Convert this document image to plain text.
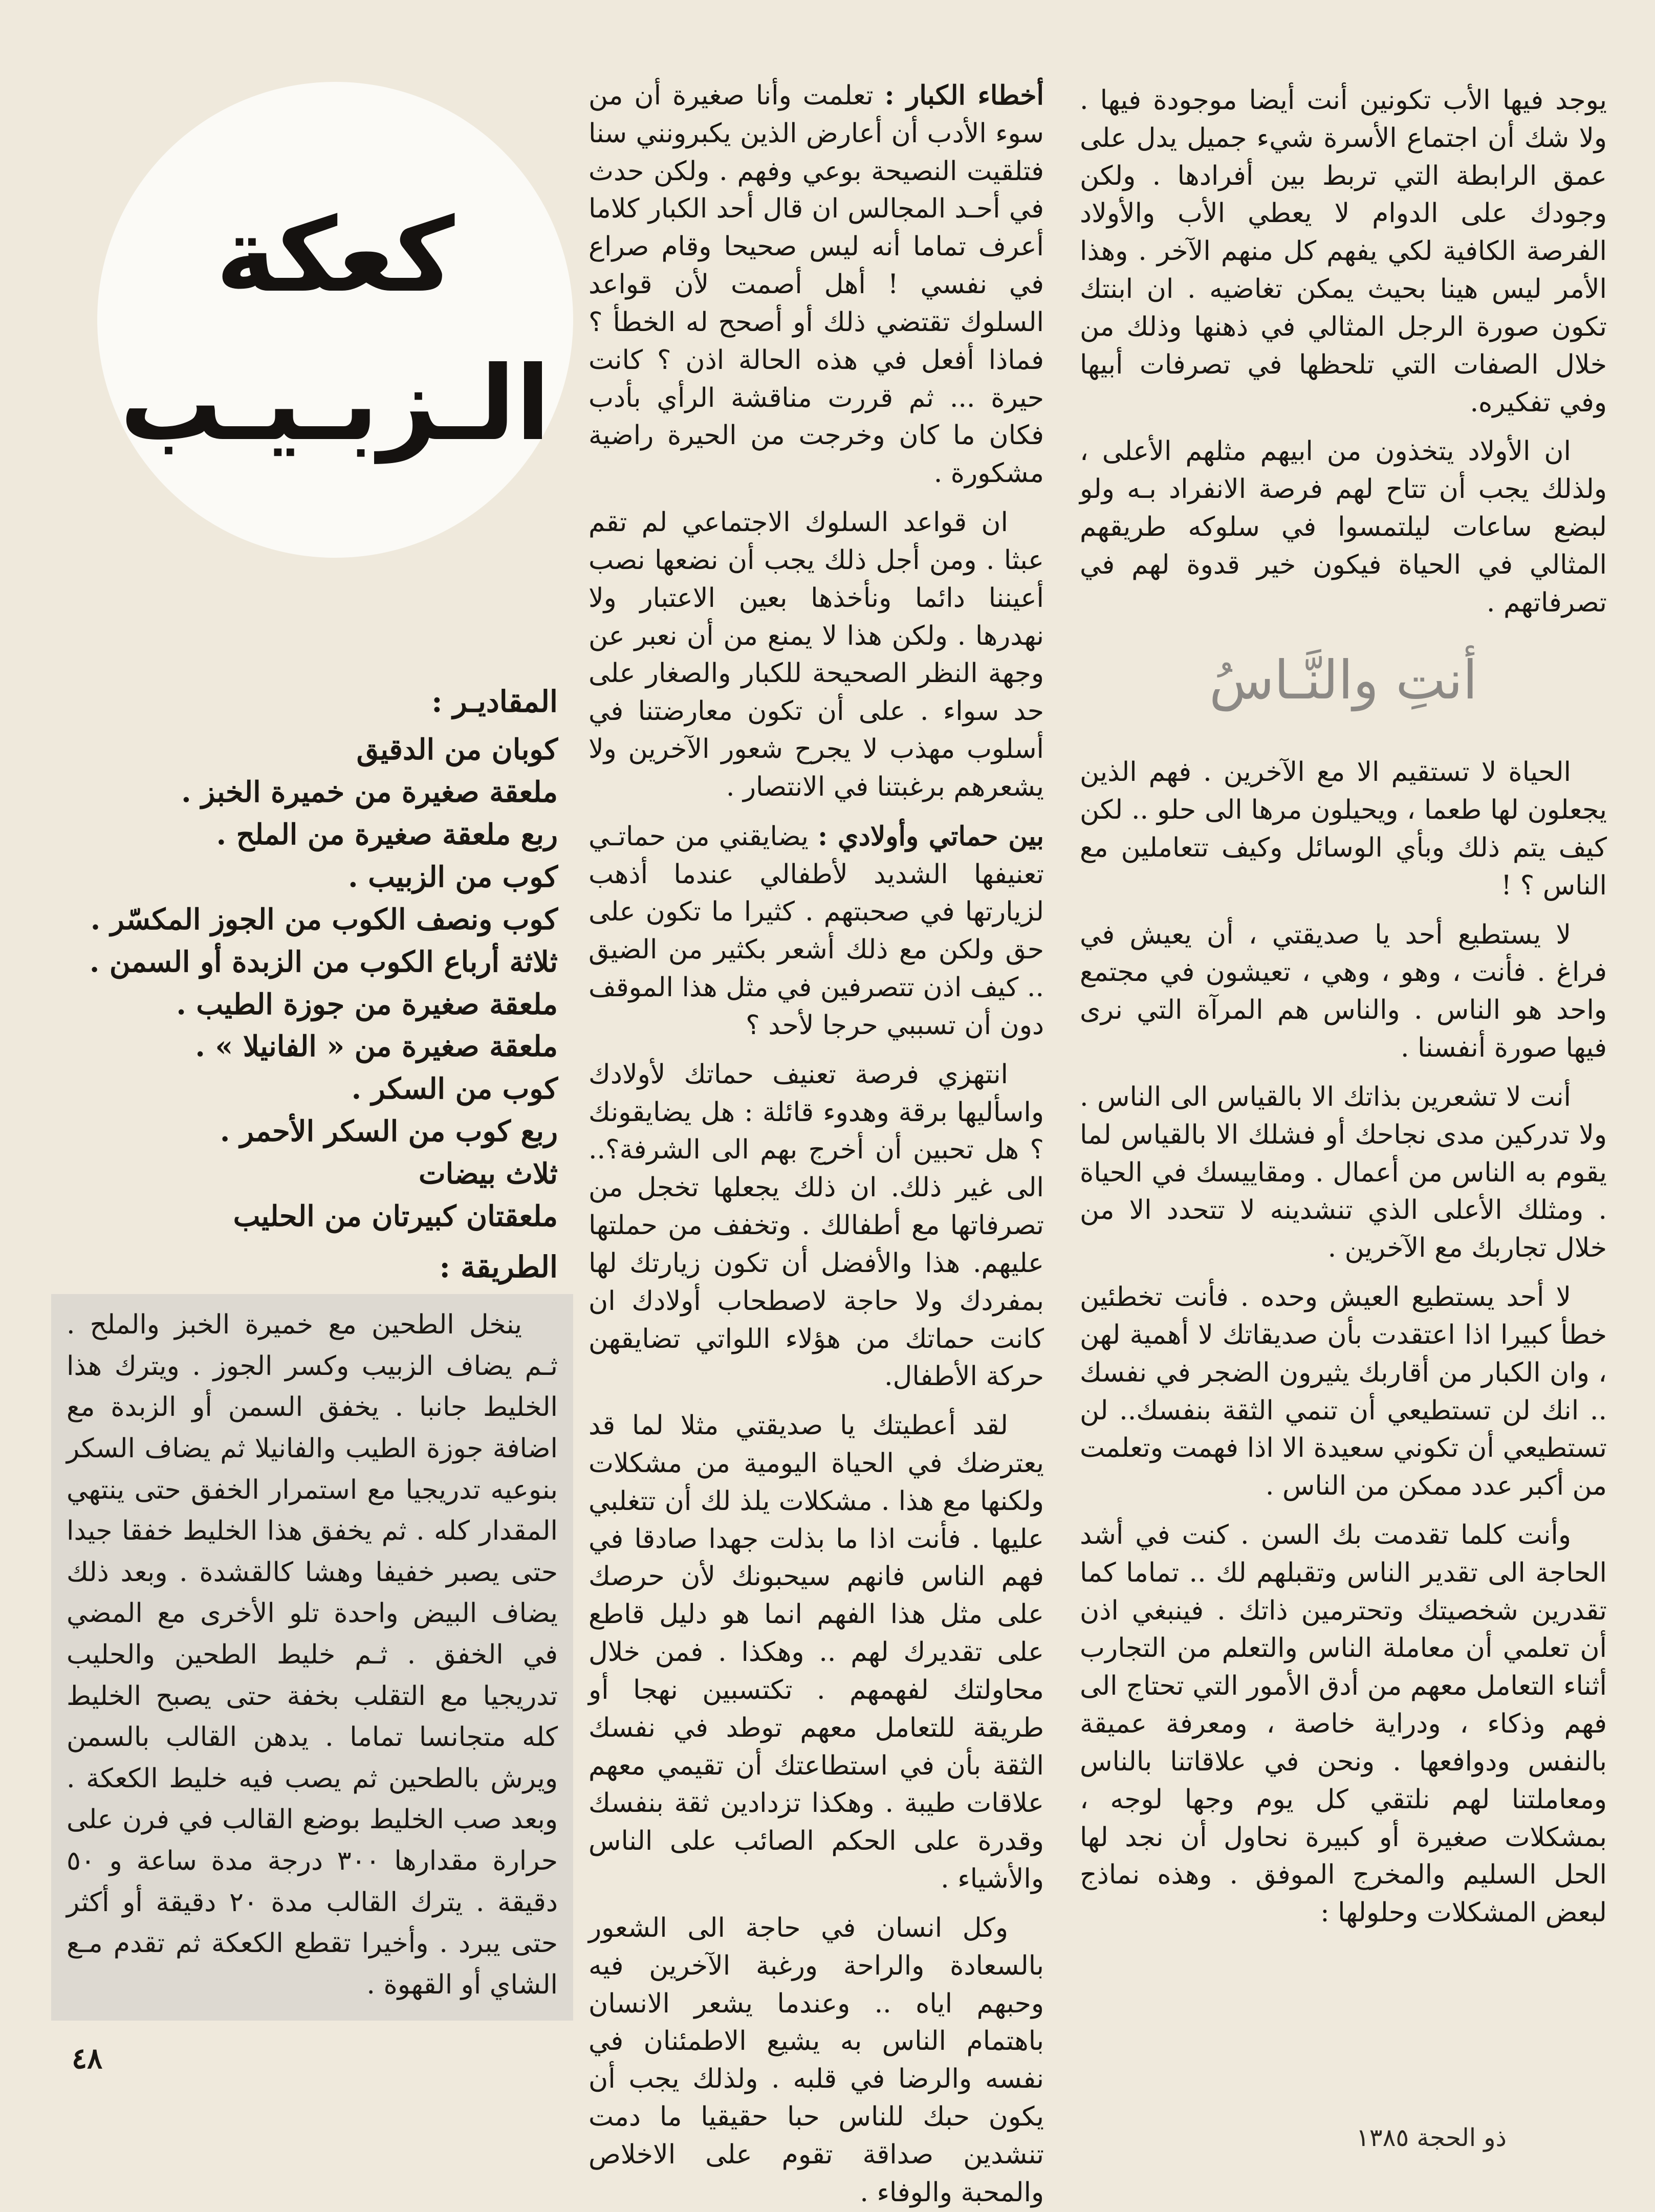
يوجد فيها الأب تكونين أنت أيضا موجودة فيها . ولا شك أن اجتماع الأسرة شيء جميل يدل على عمق الرابطة التي تربط بين أفرادها . ولكن وجودك على الدوام لا يعطي الأب والأولاد الفرصة الكافية لكي يفهم كل منهم الآخر . وهذا الأمر ليس هينا بحيث يمكن تغاضيه . ان ابنتك تكون صورة الرجل المثالي في ذهنها وذلك من خلال الصفات التي تلحظها في تصرفات أبيها وفي تفكيره.

ان الأولاد يتخذون من ابيهم مثلهم الأعلى ، ولذلك يجب أن تتاح لهم فرصة الانفراد بـه ولو لبضع ساعات ليلتمسوا في سلوكه طريقهم المثالي في الحياة فيكون خير قدوة لهم في تصرفاتهم .

أنتِ والنَّـاسُ

الحياة لا تستقيم الا مع الآخرين . فهم الذين يجعلون لها طعما ، ويحيلون مرها الى حلو .. لكن كيف يتم ذلك وبأي الوسائل وكيف تتعاملين مع الناس ؟ !

لا يستطيع أحد يا صديقتي ، أن يعيش في فراغ . فأنت ، وهو ، وهي ، تعيشون في مجتمع واحد هو الناس . والناس هم المرآة التي نرى فيها صورة أنفسنا .

أنت لا تشعرين بذاتك الا بالقياس الى الناس . ولا تدركين مدى نجاحك أو فشلك الا بالقياس لما يقوم به الناس من أعمال . ومقاييسك في الحياة . ومثلك الأعلى الذي تنشدينه لا تتحدد الا من خلال تجاربك مع الآخرين .

لا أحد يستطيع العيش وحده . فأنت تخطئين خطأ كبيرا اذا اعتقدت بأن صديقاتك لا أهمية لهن ، وان الكبار من أقاربك يثيرون الضجر في نفسك .. انك لن تستطيعي أن تنمي الثقة بنفسك.. لن تستطيعي أن تكوني سعيدة الا اذا فهمت وتعلمت من أكبر عدد ممكن من الناس .

وأنت كلما تقدمت بك السن . كنت في أشد الحاجة الى تقدير الناس وتقبلهم لك .. تماما كما تقدرين شخصيتك وتحترمين ذاتك . فينبغي اذن أن تعلمي أن معاملة الناس والتعلم من التجارب أثناء التعامل معهم من أدق الأمور التي تحتاج الى فهم وذكاء ، ودراية خاصة ، ومعرفة عميقة بالنفس ودوافعها . ونحن في علاقاتنا بالناس ومعاملتنا لهم نلتقي كل يوم وجها لوجه ، بمشكلات صغيرة أو كبيرة نحاول أن نجد لها الحل السليم والمخرج الموفق . وهذه نماذج لبعض المشكلات وحلولها :

أخطاء الكبار : تعلمت وأنا صغيرة أن من سوء الأدب أن أعارض الذين يكبرونني سنا فتلقيت النصيحة بوعي وفهم . ولكن حدث في أحـد المجالس ان قال أحد الكبار كلاما أعرف تماما أنه ليس صحيحا وقام صراع في نفسي ! أهل أصمت لأن قواعد السلوك تقتضي ذلك أو أصحح له الخطأ ؟ فماذا أفعل في هذه الحالة اذن ؟ كانت حيرة ... ثم قررت مناقشة الرأي بأدب فكان ما كان وخرجت من الحيرة راضية مشكورة .

ان قواعد السلوك الاجتماعي لم تقم عبثا . ومن أجل ذلك يجب أن نضعها نصب أعيننا دائما ونأخذها بعين الاعتبار ولا نهدرها . ولكن هذا لا يمنع من أن نعبر عن وجهة النظر الصحيحة للكبار والصغار على حد سواء . على أن تكون معارضتنا في أسلوب مهذب لا يجرح شعور الآخرين ولا يشعرهم برغبتنا في الانتصار .

بين حماتي وأولادي : يضايقني من حماتـي تعنيفها الشديد لأطفالي عندما أذهب لزيارتها في صحبتهم . كثيرا ما تكون على حق ولكن مع ذلك أشعر بكثير من الضيق .. كيف اذن تتصرفين في مثل هذا الموقف دون أن تسببي حرجا لأحد ؟

انتهزي فرصة تعنيف حماتك لأولادك واسأليها برقة وهدوء قائلة : هل يضايقونك ؟ هل تحبين أن أخرج بهم الى الشرفة؟.. الى غير ذلك. ان ذلك يجعلها تخجل من تصرفاتها مع أطفالك . وتخفف من حملتها عليهم. هذا والأفضل أن تكون زيارتك لها بمفردك ولا حاجة لاصطحاب أولادك ان كانت حماتك من هؤلاء اللواتي تضايقهن حركة الأطفال.

لقد أعطيتك يا صديقتي مثلا لما قد يعترضك في الحياة اليومية من مشكلات ولكنها مع هذا . مشكلات يلذ لك أن تتغلبي عليها . فأنت اذا ما بذلت جهدا صادقا في فهم الناس فانهم سيحبونك لأن حرصك على مثل هذا الفهم انما هو دليل قاطع على تقديرك لهم .. وهكذا . فمن خلال محاولتك لفهمهم . تكتسبين نهجا أو طريقة للتعامل معهم توطد في نفسك الثقة بأن في استطاعتك أن تقيمي معهم علاقات طيبة . وهكذا تزدادين ثقة بنفسك وقدرة على الحكم الصائب على الناس والأشياء .

وكل انسان في حاجة الى الشعور بالسعادة والراحة ورغبة الآخرين فيه وحبهم اياه .. وعندما يشعر الانسان باهتمام الناس به يشيع الاطمئنان في نفسه والرضا في قلبه . ولذلك يجب أن يكون حبك للناس حبا حقيقيا ما دمت تنشدين صداقة تقوم على الاخلاص والمحبة والوفاء .

كعكة
الـزبـيـب
المقاديـر :
كوبان من الدقيق
ملعقة صغيرة من خميرة الخبز .
ربع ملعقة صغيرة من الملح .
كوب من الزبيب .
كوب ونصف الكوب من الجوز المكسّر .
ثلاثة أرباع الكوب من الزبدة أو السمن .
ملعقة صغيرة من جوزة الطيب .
ملعقة صغيرة من « الفانيلا » .
كوب من السكر .
ربع كوب من السكر الأحمر .
ثلاث بيضات
ملعقتان كبيرتان من الحليب
الطريقة :

ينخل الطحين مع خميرة الخبز والملح . ثـم يضاف الزبيب وكسر الجوز . ويترك هذا الخليط جانبا . يخفق السمن أو الزبدة مع اضافة جوزة الطيب والفانيلا ثم يضاف السكر بنوعيه تدريجيا مع استمرار الخفق حتى ينتهي المقدار كله . ثم يخفق هذا الخليط خفقا جيدا حتى يصبر خفيفا وهشا كالقشدة . وبعد ذلك يضاف البيض واحدة تلو الأخرى مع المضي في الخفق . ثـم خليط الطحين والحليب تدريجيا مع التقلب بخفة حتى يصبح الخليط كله متجانسا تماما . يدهن القالب بالسمن ويرش بالطحين ثم يصب فيه خليط الكعكة . وبعد صب الخليط بوضع القالب في فرن على حرارة مقدارها ٣٠٠ درجة مدة ساعة و ٥٠ دقيقة . يترك القالب مدة ٢٠ دقيقة أو أكثر حتى يبرد . وأخيرا تقطع الكعكة ثم تقدم مـع الشاي أو القهوة .

٤٨
ذو الحجة ١٣٨٥
